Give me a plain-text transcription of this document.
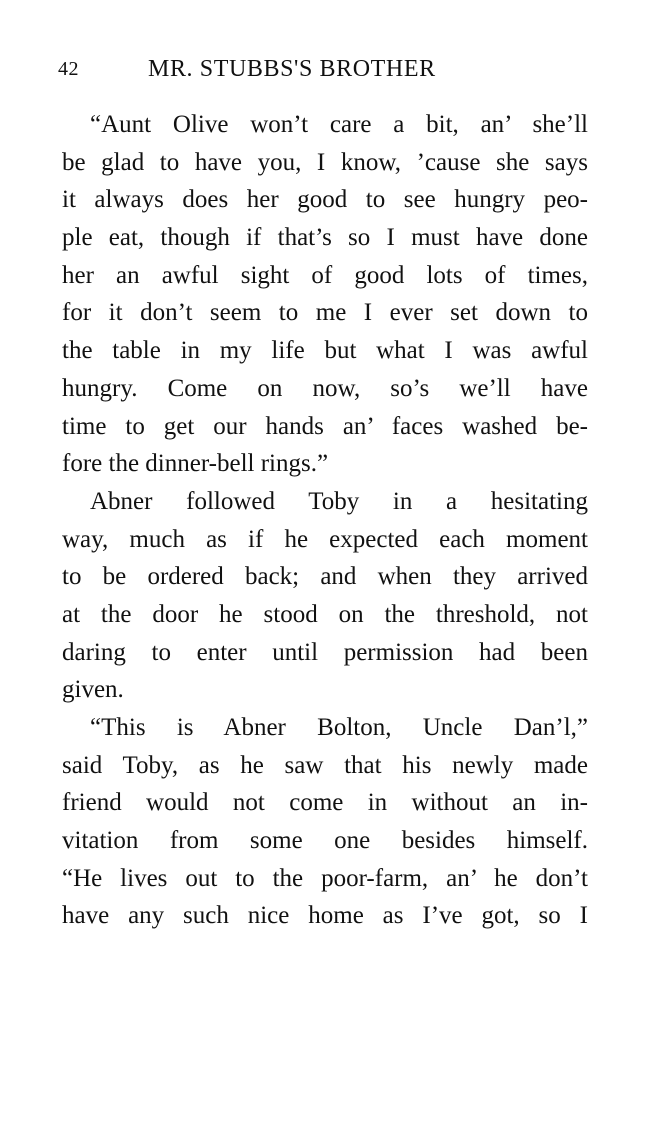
42	MR. STUBBS'S BROTHER
“Aunt Olive won’t care a bit, an’ she’ll
be glad to have you, I know, ’cause she says
it always does her good to see hungry peo-
ple eat, though if that’s so I must have done
her an awful sight of good lots of times,
for it don’t seem to me I ever set down to
the table in my life but what I was awful
hungry. Come on now, so’s we’ll have
time to get our hands an’ faces washed be-
fore the dinner-bell rings.”
Abner followed Toby in a hesitating
way, much as if he expected each moment
to be ordered back; and when they arrived
at the door he stood on the threshold, not
daring to enter until permission had been
given.
“This is Abner Bolton, Uncle Dan’l,”
said Toby, as he saw that his newly made
friend would not come in without an in-
vitation from some one besides himself.
“He lives out to the poor-farm, an’ he don’t
have any such nice home as I’ve got, so I
